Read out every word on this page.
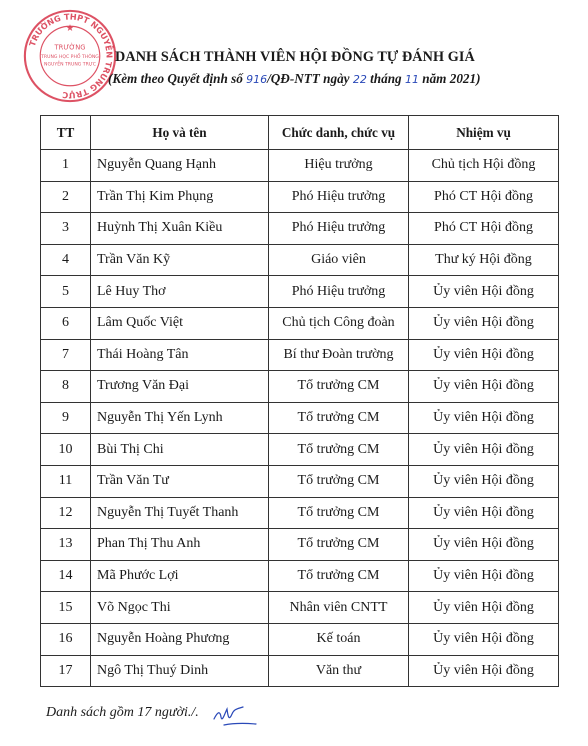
TRƯỜNG THPT NGUYỄN TRUNG TRỰC
TRƯỜNG
TRUNG HỌC PHỔ THÔNG
NGUYỄN TRUNG TRỰC
★
DANH SÁCH THÀNH VIÊN HỘI ĐỒNG TỰ ĐÁNH GIÁ
(Kèm theo Quyết định số 916/QĐ-NTT ngày 22 tháng 11 năm 2021)
TT	Họ và tên	Chức danh, chức vụ	Nhiệm vụ
1	Nguyễn Quang Hạnh	Hiệu trưởng	Chủ tịch Hội đồng
2	Trần Thị Kim Phụng	Phó Hiệu trưởng	Phó CT Hội đồng
3	Huỳnh Thị Xuân Kiều	Phó Hiệu trưởng	Phó CT Hội đồng
4	Trần Văn Kỹ	Giáo viên	Thư ký Hội đồng
5	Lê Huy Thơ	Phó Hiệu trưởng	Ủy viên Hội đồng
6	Lâm Quốc Việt	Chủ tịch Công đoàn	Ủy viên Hội đồng
7	Thái Hoàng Tân	Bí thư Đoàn trường	Ủy viên Hội đồng
8	Trương Văn Đại	Tổ trưởng CM	Ủy viên Hội đồng
9	Nguyễn Thị Yến Lynh	Tổ trưởng CM	Ủy viên Hội đồng
10	Bùi Thị Chi	Tổ trưởng CM	Ủy viên Hội đồng
11	Trần Văn Tư	Tổ trưởng CM	Ủy viên Hội đồng
12	Nguyễn Thị Tuyết Thanh	Tổ trưởng CM	Ủy viên Hội đồng
13	Phan Thị Thu Anh	Tổ trưởng CM	Ủy viên Hội đồng
14	Mã Phước Lợi	Tổ trưởng CM	Ủy viên Hội đồng
15	Võ Ngọc Thi	Nhân viên CNTT	Ủy viên Hội đồng
16	Nguyễn Hoàng Phương	Kế toán	Ủy viên Hội đồng
17	Ngô Thị Thuý Dinh	Văn thư	Ủy viên Hội đồng
Danh sách gồm 17 người./.
